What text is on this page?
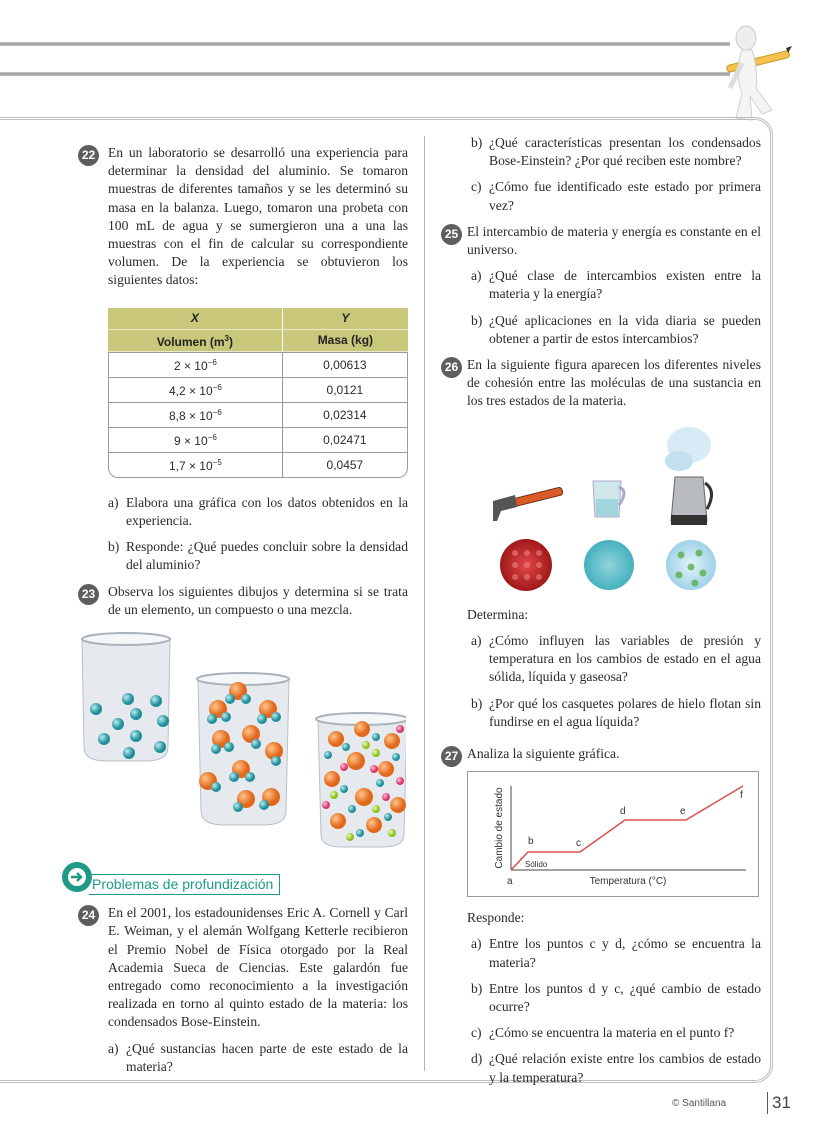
22 En un laboratorio se desarrolló una experiencia para determinar la densidad del aluminio. Se tomaron muestras de diferentes tamaños y se les determinó su masa en la balanza. Luego, tomaron una probeta con 100 mL de agua y se sumergieron una a una las muestras con el fin de calcular su correspondiente volumen. De la experiencia se obtuvieron los siguientes datos:
X	Y
Volumen $(m^3)$	Masa (kg)
$2 \times 10^{-6}$	0,00613
$4,2 \times 10^{-6}$	0,0121
$8,8 \times 10^{-6}$	0,02314
$9 \times 10^{-6}$	0,02471
$1,7 \times 10^{-5}$	0,0457
a) Elabora una gráfica con los datos obtenidos en la experiencia.
b) Responde: ¿Qué puedes concluir sobre la densidad del aluminio?
23 Observa los siguientes dibujos y determina si se trata de un elemento, un compuesto o una mezcla.
Problemas de profundización
24 En el 2001, los estadounidenses Eric A. Cornell y Carl E. Weiman, y el alemán Wolfgang Ketterle recibieron el Premio Nobel de Física otorgado por la Real Academia Sueca de Ciencias. Este galardón fue entregado como reconocimiento a la investigación realizada en torno al quinto estado de la materia: los condensados Bose-Einstein.
a) ¿Qué sustancias hacen parte de este estado de la materia?
b) ¿Qué características presentan los condensados Bose-Einstein? ¿Por qué reciben este nombre?
c) ¿Cómo fue identificado este estado por primera vez?
25 El intercambio de materia y energía es constante en el universo.
a) ¿Qué clase de intercambios existen entre la materia y la energía?
b) ¿Qué aplicaciones en la vida diaria se pueden obtener a partir de estos intercambios?
26 En la siguiente figura aparecen los diferentes niveles de cohesión entre las moléculas de una sustancia en los tres estados de la materia.
Determina:
a) ¿Cómo influyen las variables de presión y temperatura en los cambios de estado en el agua sólida, líquida y gaseosa?
b) ¿Por qué los casquetes polares de hielo flotan sin fundirse en el agua líquida?
27 Analiza la siguiente gráfica.
Cambio de estado
Temperatura (°C)
a
b	c
d	e
f
Sólido
Responde:
a) Entre los puntos c y d, ¿cómo se encuentra la materia?
b) Entre los puntos d y c, ¿qué cambio de estado ocurre?
c) ¿Cómo se encuentra la materia en el punto f?
d) ¿Qué relación existe entre los cambios de estado y la temperatura?
© Santillana	31
